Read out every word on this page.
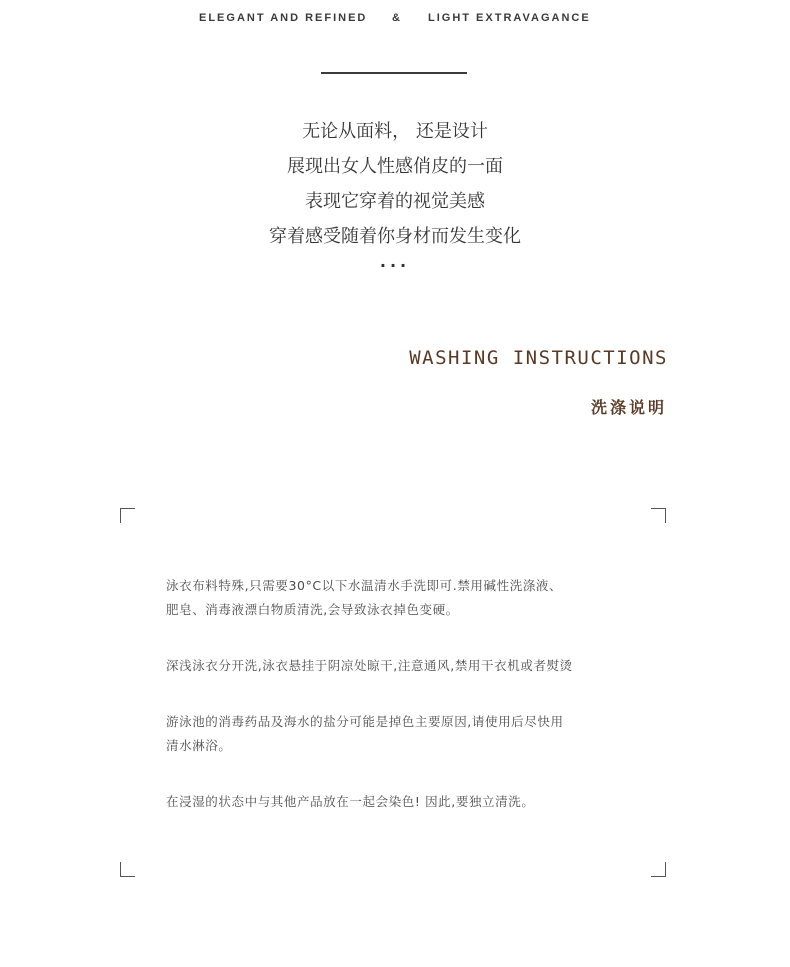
ELEGANT AND REFINED & LIGHT EXTRAVAGANCE
无论从面料， 还是设计
展现出女人性感俏皮的一面
表现它穿着的视觉美感
穿着感受随着你身材而发生变化
...
WASHING INSTRUCTIONS
洗涤说明

泳衣布料特殊,只需要30°C以下水温清水手洗即可.禁用碱性洗涤液、

肥皂、消毒液漂白物质清洗,会导致泳衣掉色变硬。

深浅泳衣分开洗,泳衣悬挂于阴凉处晾干,注意通风,禁用干衣机或者熨烫

游泳池的消毒药品及海水的盐分可能是掉色主要原因,请使用后尽快用

清水淋浴。

在浸湿的状态中与其他产品放在一起会染色! 因此,要独立清洗。
